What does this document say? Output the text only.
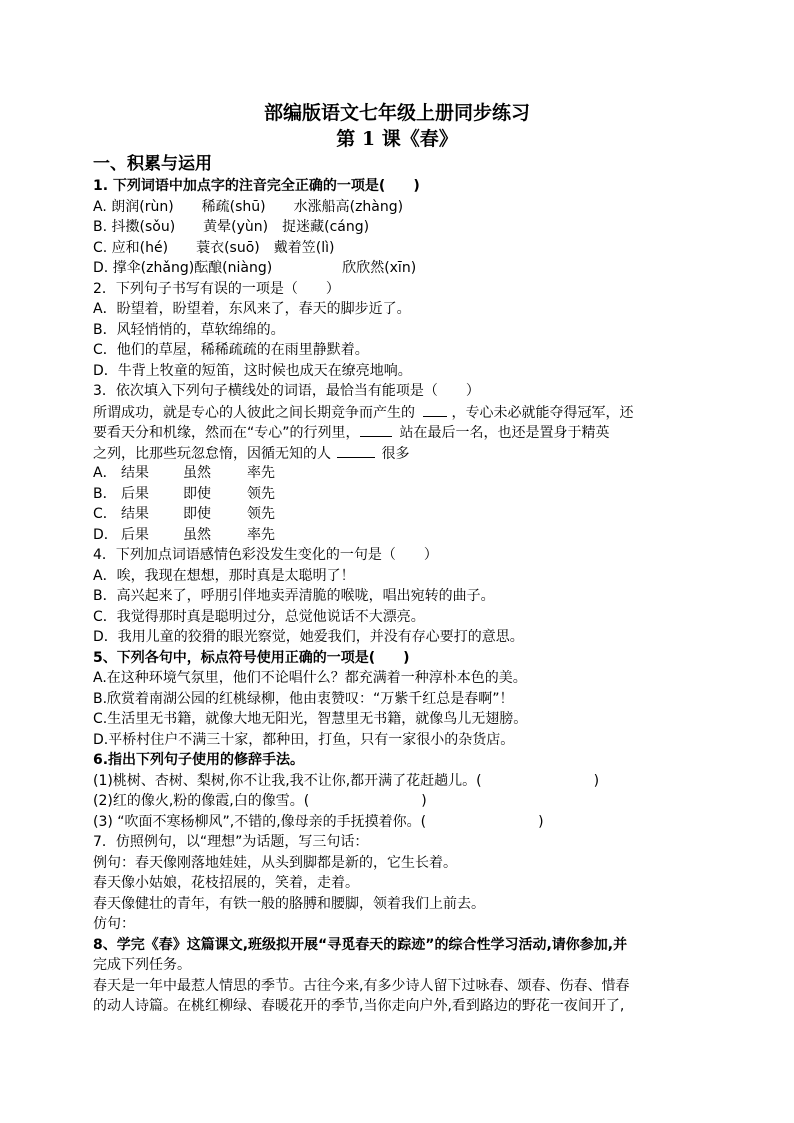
部编版语文七年级上册同步练习
第 1 课《春》
一、积累与运用
1. 下列词语中加点字的注音完全正确的一项是(　　)
A. 朗润(rùn)　　稀疏(shū)　　水涨船高(zhàng)
B. 抖擞(sǒu)　　黄晕(yùn)　捉迷藏(cáng)
C. 应和(hé)　　蓑衣(suō)　戴着笠(lì)
D. 撑伞(zhǎng)酝酿(niàng)　　　　　欣欣然(xīn)
2．下列句子书写有误的一项是（　　）
A．盼望着，盼望着，东风来了，春天的脚步近了。
B．风轻悄悄的，草软绵绵的。
C．他们的草屋，稀稀疏疏的在雨里静默着。
D．牛背上牧童的短笛，这时候也成天在缭亮地响。
3．依次填入下列句子横线处的词语，最恰当有能项是（　　）
所谓成功，就是专心的人彼此之间长期竞争而产生的	，专心未必就能夺得冠军，还
要看天分和机缘，然而在“专心”的行列里，	站在最后一名，也还是置身于精英
之列，比那些玩忽怠惰，因循无知的人	很多
A． 结果 虽然	率先
B． 后果 即使	领先
C． 结果 即使	领先
D． 后果 虽然	率先
4．下列加点词语感情色彩没发生变化的一句是（　　）
A．唉，我现在想想，那时真是太聪明了！
B．高兴起来了，呼朋引伴地卖弄清脆的喉咙，唱出宛转的曲子。
C．我觉得那时真是聪明过分，总觉他说话不大漂亮。
D．我用儿童的狡猾的眼光察觉，她爱我们，并没有存心要打的意思。
5、下列各句中，标点符号使用正确的一项是(　　)
A.在这种环境气氛里，他们不论唱什么？都充满着一种淳朴本色的美。
B.欣赏着南湖公园的红桃绿柳，他由衷赞叹：“万紫千红总是春啊”！
C.生活里无书籍，就像大地无阳光，智慧里无书籍，就像鸟儿无翅膀。
D.平桥村住户不满三十家，都种田，打鱼，只有一家很小的杂货店。
6.指出下列句子使用的修辞手法。
(1)桃树、杏树、梨树,你不让我,我不让你,都开满了花赶趟儿。(　　　　　　　　)
(2)红的像火,粉的像霞,白的像雪。(　　　　　　　　)
(3) “吹面不寒杨柳风”,不错的,像母亲的手抚摸着你。(　　　　　　　　)
7．仿照例句，以“理想”为话题，写三句话：
例句：春天像刚落地娃娃，从头到脚都是新的，它生长着。
春天像小姑娘，花枝招展的，笑着，走着。
春天像健壮的青年，有铁一般的胳膊和腰脚，领着我们上前去。
仿句：
8、学完《春》这篇课文,班级拟开展“寻觅春天的踪迹”的综合性学习活动,请你参加,并
完成下列任务。
春天是一年中最惹人情思的季节。古往今来,有多少诗人留下过咏春、颂春、伤春、惜春
的动人诗篇。在桃红柳绿、春暖花开的季节,当你走向户外,看到路边的野花一夜间开了,
